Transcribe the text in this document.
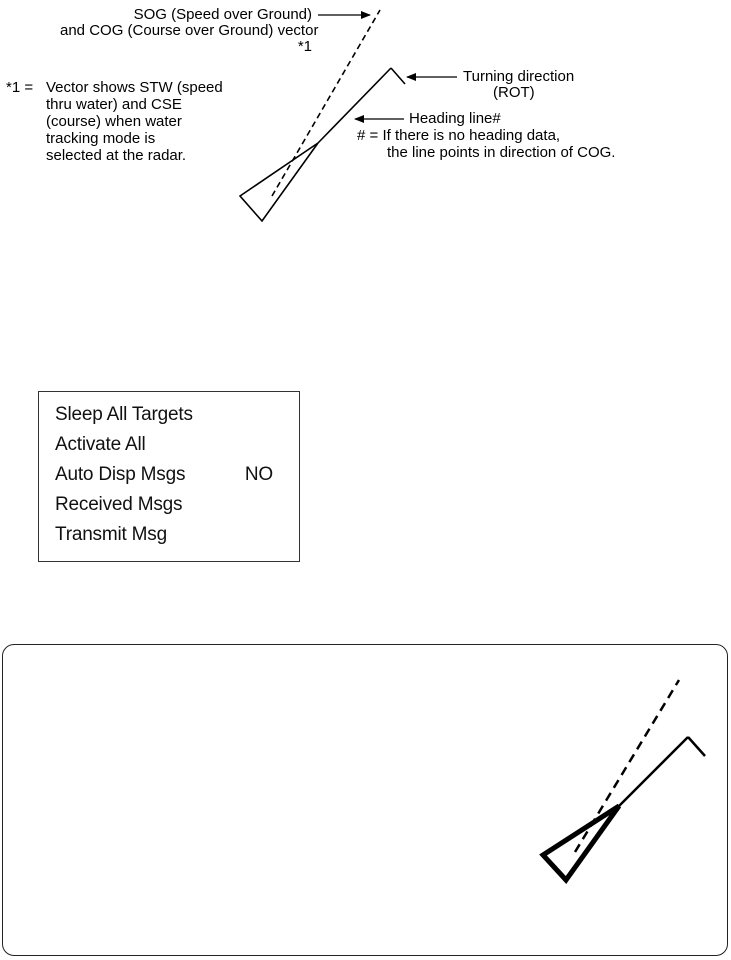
SOG (Speed over Ground)
and COG (Course over Ground) vector
*1
Turning direction
(ROT)
Heading line#
# = If there is no heading data,
the line points in direction of COG.
*1 = Vector shows STW (speed
thru water) and CSE
(course) when water
tracking mode is
selected at the radar.
Sleep All Targets
Activate All
Auto Disp Msgs	NO
Received Msgs
Transmit Msg
